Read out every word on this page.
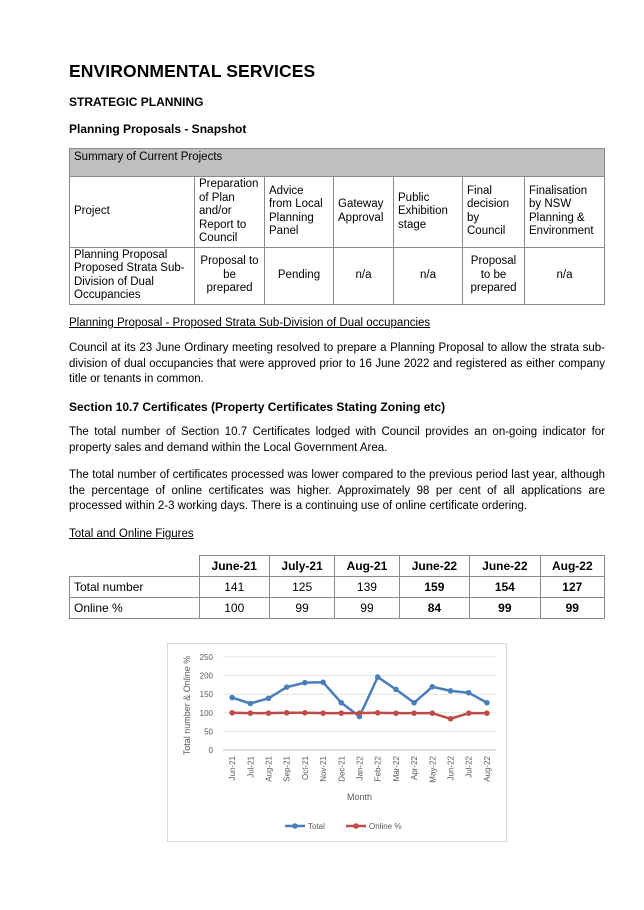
ENVIRONMENTAL SERVICES
STRATEGIC PLANNING
Planning Proposals - Snapshot
Summary of Current Projects						
Project	Preparation of Plan and/or Report to Council	Advice from Local Planning Panel	Gateway Approval	Public Exhibition stage	Final decision by Council	Finalisation by NSW Planning & Environment
Planning Proposal Proposed Strata Sub-Division of Dual Occupancies	Proposal to be prepared	Pending	n/a	n/a	Proposal to be prepared	n/a
Planning Proposal - Proposed Strata Sub-Division of Dual occupancies
Council at its 23 June Ordinary meeting resolved to prepare a Planning Proposal to allow the strata sub-division of dual occupancies that were approved prior to 16 June 2022 and registered as either company title or tenants in common.
Section 10.7 Certificates (Property Certificates Stating Zoning etc)
The total number of Section 10.7 Certificates lodged with Council provides an on-going indicator for property sales and demand within the Local Government Area.
The total number of certificates processed was lower compared to the previous period last year, although the percentage of online certificates was higher. Approximately 98 per cent of all applications are processed within 2-3 working days. There is a continuing use of online certificate ordering.
Total and Online Figures
	June-21	July-21	Aug-21	June-22	June-22	Aug-22
Total number	141	125	139	159	154	127
Online %	100	99	99	84	99	99
0
50
100
150
200
250
Jun-21 Jul-21 Aug-21 Sep-21 Oct-21 Nov-21 Dec-21 Jan-22 Feb-22 Mar-22 Apr-22 May-22 Jun-22 Jul-22 Aug-22
Month
Total number & Online %
Total	Online %
